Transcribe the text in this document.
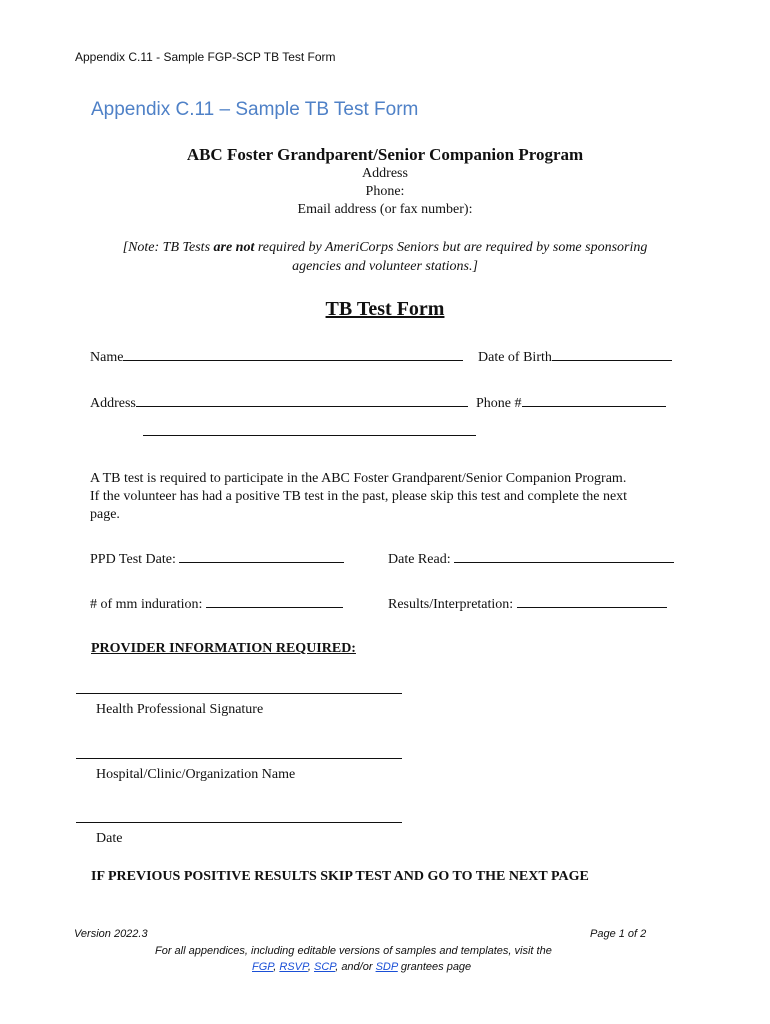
Appendix C.11 - Sample FGP-SCP TB Test Form
Appendix C.11 – Sample TB Test Form
ABC Foster Grandparent/Senior Companion Program
Address
Phone:
Email address (or fax number):
[Note: TB Tests are not required by AmeriCorps Seniors but are required by some sponsoring
agencies and volunteer stations.]
TB Test Form
Name	Date of Birth
Address	Phone #
A TB test is required to participate in the ABC Foster Grandparent/Senior Companion Program.
If the volunteer has had a positive TB test in the past, please skip this test and complete the next
page.
PPD Test Date:	Date Read:
# of mm induration:	Results/Interpretation:
PROVIDER INFORMATION REQUIRED:
Health Professional Signature
Hospital/Clinic/Organization Name
Date
IF PREVIOUS POSITIVE RESULTS SKIP TEST AND GO TO THE NEXT PAGE
Version 2022.3	Page 1 of 2
For all appendices, including editable versions of samples and templates, visit the
FGP, RSVP, SCP, and/or SDP grantees page
